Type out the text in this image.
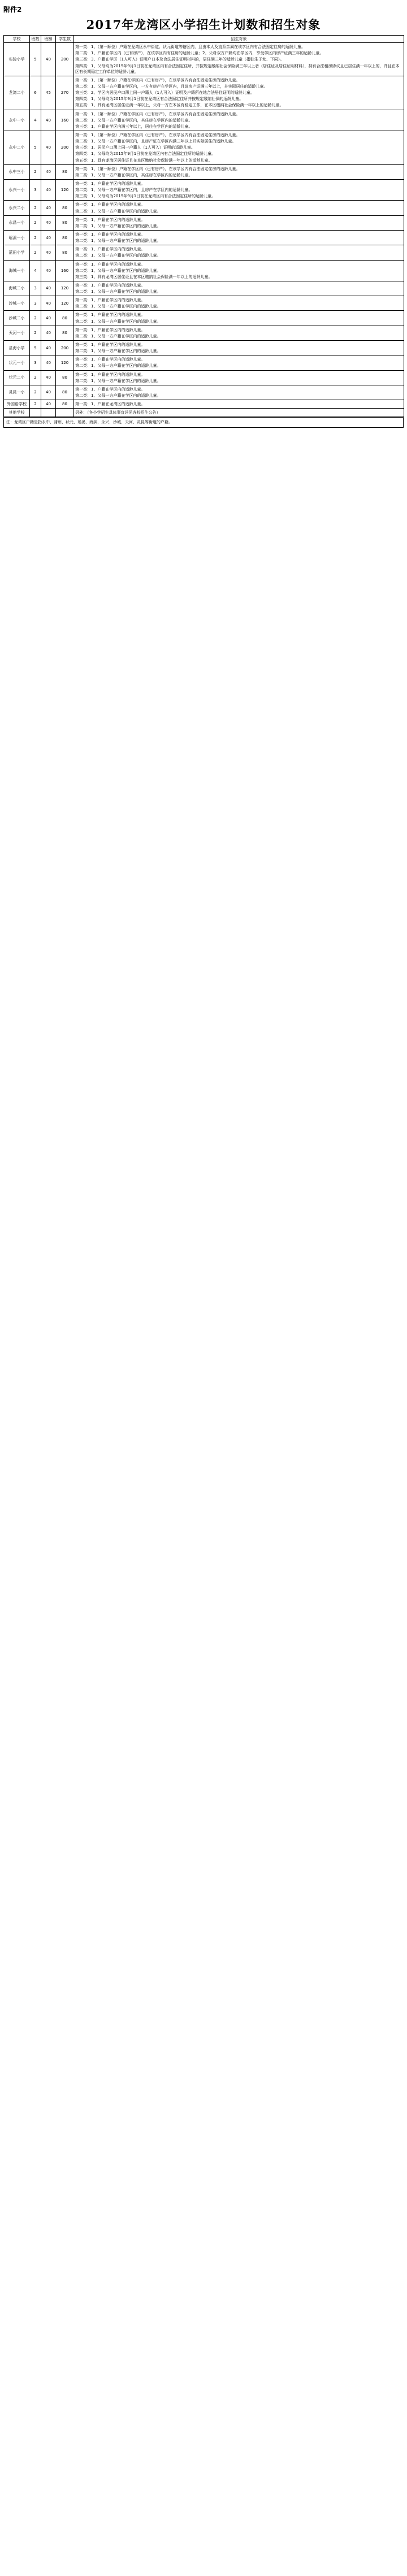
附件2
2017年龙湾区小学招生计划数和招生对象
学校	班数	班额	学生数	招生对象
实验小学	5	40	200	第一类：1、（第一顺位）户籍在龙湾区永中街道、状元街道等辖区内，且由本人及直系亲属在该学区内有合法固定住房的适龄儿童。
第二类：1、户籍在学区内（已有房产），在该学区内有住房的适龄儿童；2、父母双方户籍均在学区内，享受学区内房产证满三年的适龄儿童。
第三类：3、户籍在学区（1人可入）证明户口本及合法居住证明材料的，居住满三年的适龄儿童（指独生子女、下同）。
第四类：1、父母均为2015年9月1日前在龙湾区内有合法固定住所，并按规定缴纳社会保险满三年以上者（居住证及居住证明材料），持有合法租房协议且已居住满一年以上的，并且在本区有长期稳定工作单位的适龄儿童。

龙湾二小	6	45	270	第一类：1、（第一顺位）户籍在学区内（已有房产），在该学区内有合法固定住房的适龄儿童。
第二类：1、父母一方户籍在学区内，一方有房产在学区内，且该房产证满三年以上，并实际居住的适龄儿童。
第三类：2、学区内居民户口簿上同一户籍人（1人可入）证明及户籍所在地合法居住证明的适龄儿童。
第四类：1、父母均为2015年9月1日前在龙湾区有合法固定住所并按规定缴纳社保的适龄儿童。
第五类：1、具有龙湾区居住证满一年以上，父母一方在本区有稳定工作，在本区缴纳社会保险满一年以上的适龄儿童。

永中一小	4	40	160	第一类：1、（第一顺位）户籍在学区内（已有房产），在该学区内有合法固定住房的适龄儿童。
第二类：1、父母一方户籍在学区内，其住房在学区内的适龄儿童。
第三类：1、户籍在学区内满三年以上，居住在学区内的适龄儿童。

永中二小	5	40	200	第一类：1、（第一顺位）户籍在学区内（已有房产），在该学区内有合法固定住房的适龄儿童。
第二类：1、父母一方户籍在学区内，且房产证在学区内满三年以上并实际居住的适龄儿童。
第三类：1、居民户口簿上同一户籍人（1人可入）证明的适龄儿童。
第四类：1、父母均为2015年9月1日前在龙湾区内有合法固定住所的适龄儿童。
第五类：1、具有龙湾区居住证且在本区缴纳社会保险满一年以上的适龄儿童。

永中三小	2	40	80	第一类：1、（第一顺位）户籍在学区内（已有房产），在该学区内有合法固定住房的适龄儿童。
第二类：1、父母一方户籍在学区内，其住房在学区内的适龄儿童。

永兴一小	3	40	120	第一类：1、户籍在学区内的适龄儿童。
第二类：1、父母一方户籍在学区内，且房产在学区内的适龄儿童。
第三类：1、父母均为2015年9月1日前在龙湾区内有合法固定住所的适龄儿童。

永兴二小	2	40	80	第一类：1、户籍在学区内的适龄儿童。
第二类：1、父母一方户籍在学区内的适龄儿童。

永昌一小	2	40	80	第一类：1、户籍在学区内的适龄儿童。
第二类：1、父母一方户籍在学区内的适龄儿童。

瑶溪一小	2	40	80	第一类：1、户籍在学区内的适龄儿童。
第二类：1、父母一方户籍在学区内的适龄儿童。

蓝田小学	2	40	80	第一类：1、户籍在学区内的适龄儿童。
第二类：1、父母一方户籍在学区内的适龄儿童。

海城一小	4	40	160	第一类：1、户籍在学区内的适龄儿童。
第二类：1、父母一方户籍在学区内的适龄儿童。
第三类：1、具有龙湾区居住证且在本区缴纳社会保险满一年以上的适龄儿童。

海城二小	3	40	120	第一类：1、户籍在学区内的适龄儿童。
第二类：1、父母一方户籍在学区内的适龄儿童。

沙城一小	3	40	120	第一类：1、户籍在学区内的适龄儿童。
第二类：1、父母一方户籍在学区内的适龄儿童。

沙城二小	2	40	80	第一类：1、户籍在学区内的适龄儿童。
第二类：1、父母一方户籍在学区内的适龄儿童。

天河一小	2	40	80	第一类：1、户籍在学区内的适龄儿童。
第二类：1、父母一方户籍在学区内的适龄儿童。

星海小学	5	40	200	第一类：1、户籍在学区内的适龄儿童。
第二类：1、父母一方户籍在学区内的适龄儿童。

状元一小	3	40	120	第一类：1、户籍在学区内的适龄儿童。
第二类：1、父母一方户籍在学区内的适龄儿童。

状元二小	2	40	80	第一类：1、户籍在学区内的适龄儿童。
第二类：1、父母一方户籍在学区内的适龄儿童。

灵昆一小	2	40	80	第一类：1、户籍在学区内的适龄儿童。
第二类：1、父母一方户籍在学区内的适龄儿童。

外国语学校	2	40	80	第一类：1、户籍在龙湾区的适龄儿童。

其他学校				另外：（各小学招生具体事宜详见各校招生公告）
注：龙湾区户籍是指永中、蒲州、状元、瑶溪、海滨、永兴、沙城、天河、灵昆等街道的户籍。
